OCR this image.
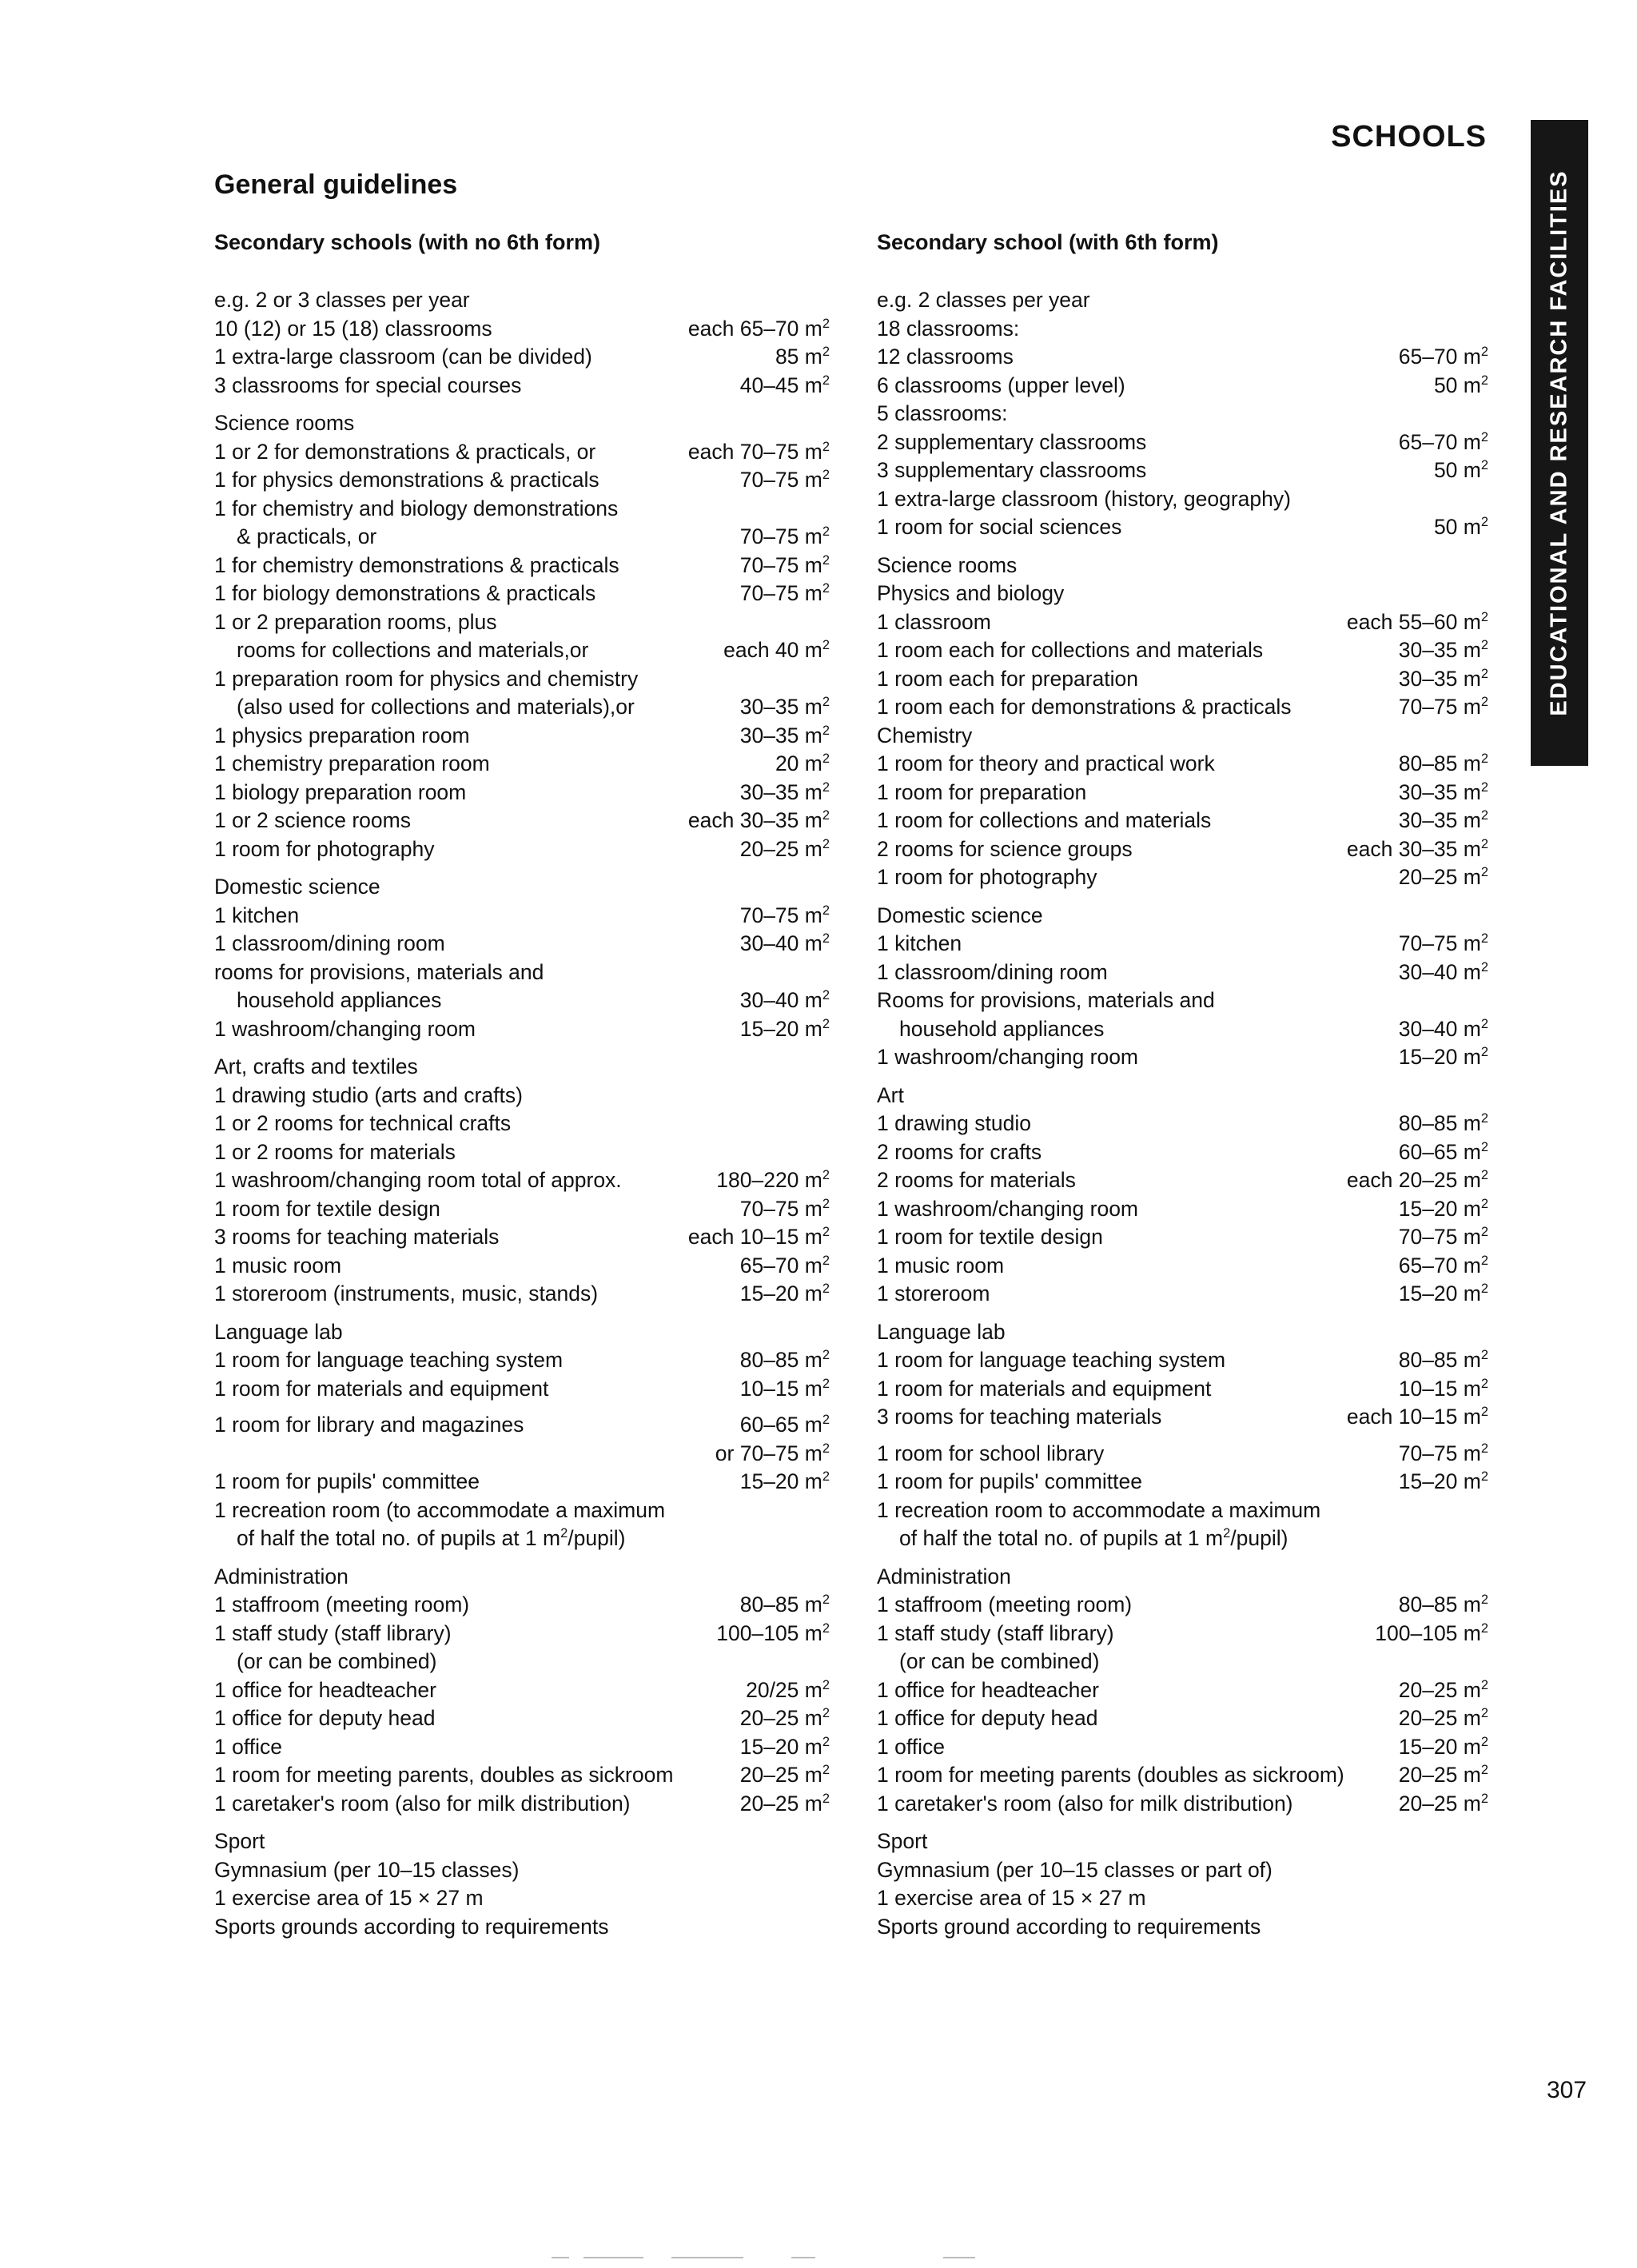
SCHOOLS
EDUCATIONAL AND RESEARCH FACILITIES
General guidelines
Secondary schools (with no 6th form)
e.g. 2 or 3 classes per year
10 (12) or 15 (18) classrooms	each 65–70 $m^2$
1 extra-large classroom (can be divided)	85 $m^2$
3 classrooms for special courses	40–45 $m^2$
Science rooms
1 or 2 for demonstrations & practicals, or	each 70–75 $m^2$
1 for physics demonstrations & practicals	70–75 $m^2$
1 for chemistry and biology demonstrations
& practicals, or	70–75 $m^2$
1 for chemistry demonstrations & practicals	70–75 $m^2$
1 for biology demonstrations & practicals	70–75 $m^2$
1 or 2 preparation rooms, plus
rooms for collections and materials,or	each 40 $m^2$
1 preparation room for physics and chemistry
(also used for collections and materials),or	30–35 $m^2$
1 physics preparation room	30–35 $m^2$
1 chemistry preparation room	20 $m^2$
1 biology preparation room	30–35 $m^2$
1 or 2 science rooms	each 30–35 $m^2$
1 room for photography	20–25 $m^2$
Domestic science
1 kitchen	70–75 $m^2$
1 classroom/dining room	30–40 $m^2$
rooms for provisions, materials and
household appliances	30–40 $m^2$
1 washroom/changing room	15–20 $m^2$
Art, crafts and textiles
1 drawing studio (arts and crafts)
1 or 2 rooms for technical crafts
1 or 2 rooms for materials
1 washroom/changing room total of approx.	180–220 $m^2$
1 room for textile design	70–75 $m^2$
3 rooms for teaching materials	each 10–15 $m^2$
1 music room	65–70 $m^2$
1 storeroom (instruments, music, stands)	15–20 $m^2$
Language lab
1 room for language teaching system	80–85 $m^2$
1 room for materials and equipment	10–15 $m^2$
1 room for library and magazines	60–65 $m^2$
or 70–75 $m^2$
1 room for pupils' committee	15–20 $m^2$
1 recreation room (to accommodate a maximum
of half the total no. of pupils at 1 $m^2/pupil$)
Administration
1 staffroom (meeting room)	80–85 $m^2$
1 staff study (staff library)	100–105 $m^2$
(or can be combined)
1 office for headteacher	20/25 $m^2$
1 office for deputy head	20–25 $m^2$
1 office	15–20 $m^2$
1 room for meeting parents, doubles as sickroom	20–25 $m^2$
1 caretaker's room (also for milk distribution)	20–25 $m^2$
Sport
Gymnasium (per 10–15 classes)
1 exercise area of 15 × 27 m
Sports grounds according to requirements
Secondary school (with 6th form)
e.g. 2 classes per year
18 classrooms:
12 classrooms	65–70 $m^2$
6 classrooms (upper level)	50 $m^2$
5 classrooms:
2 supplementary classrooms	65–70 $m^2$
3 supplementary classrooms	50 $m^2$
1 extra-large classroom (history, geography)
1 room for social sciences	50 $m^2$
Science rooms
Physics and biology
1 classroom	each 55–60 $m^2$
1 room each for collections and materials	30–35 $m^2$
1 room each for preparation	30–35 $m^2$
1 room each for demonstrations & practicals	70–75 $m^2$
Chemistry
1 room for theory and practical work	80–85 $m^2$
1 room for preparation	30–35 $m^2$
1 room for collections and materials	30–35 $m^2$
2 rooms for science groups	each 30–35 $m^2$
1 room for photography	20–25 $m^2$
Domestic science
1 kitchen	70–75 $m^2$
1 classroom/dining room	30–40 $m^2$
Rooms for provisions, materials and
household appliances	30–40 $m^2$
1 washroom/changing room	15–20 $m^2$
Art
1 drawing studio	80–85 $m^2$
2 rooms for crafts	60–65 $m^2$
2 rooms for materials	each 20–25 $m^2$
1 washroom/changing room	15–20 $m^2$
1 room for textile design	70–75 $m^2$
1 music room	65–70 $m^2$
1 storeroom	15–20 $m^2$
Language lab
1 room for language teaching system	80–85 $m^2$
1 room for materials and equipment	10–15 $m^2$
3 rooms for teaching materials	each 10–15 $m^2$
1 room for school library	70–75 $m^2$
1 room for pupils' committee	15–20 $m^2$
1 recreation room to accommodate a maximum
of half the total no. of pupils at 1 $m^2/pupil$)
Administration
1 staffroom (meeting room)	80–85 $m^2$
1 staff study (staff library)	100–105 $m^2$
(or can be combined)
1 office for headteacher	20–25 $m^2$
1 office for deputy head	20–25 $m^2$
1 office	15–20 $m^2$
1 room for meeting parents (doubles as sickroom)	20–25 $m^2$
1 caretaker's room (also for milk distribution)	20–25 $m^2$
Sport
Gymnasium (per 10–15 classes or part of)
1 exercise area of 15 × 27 m
Sports ground according to requirements
307
